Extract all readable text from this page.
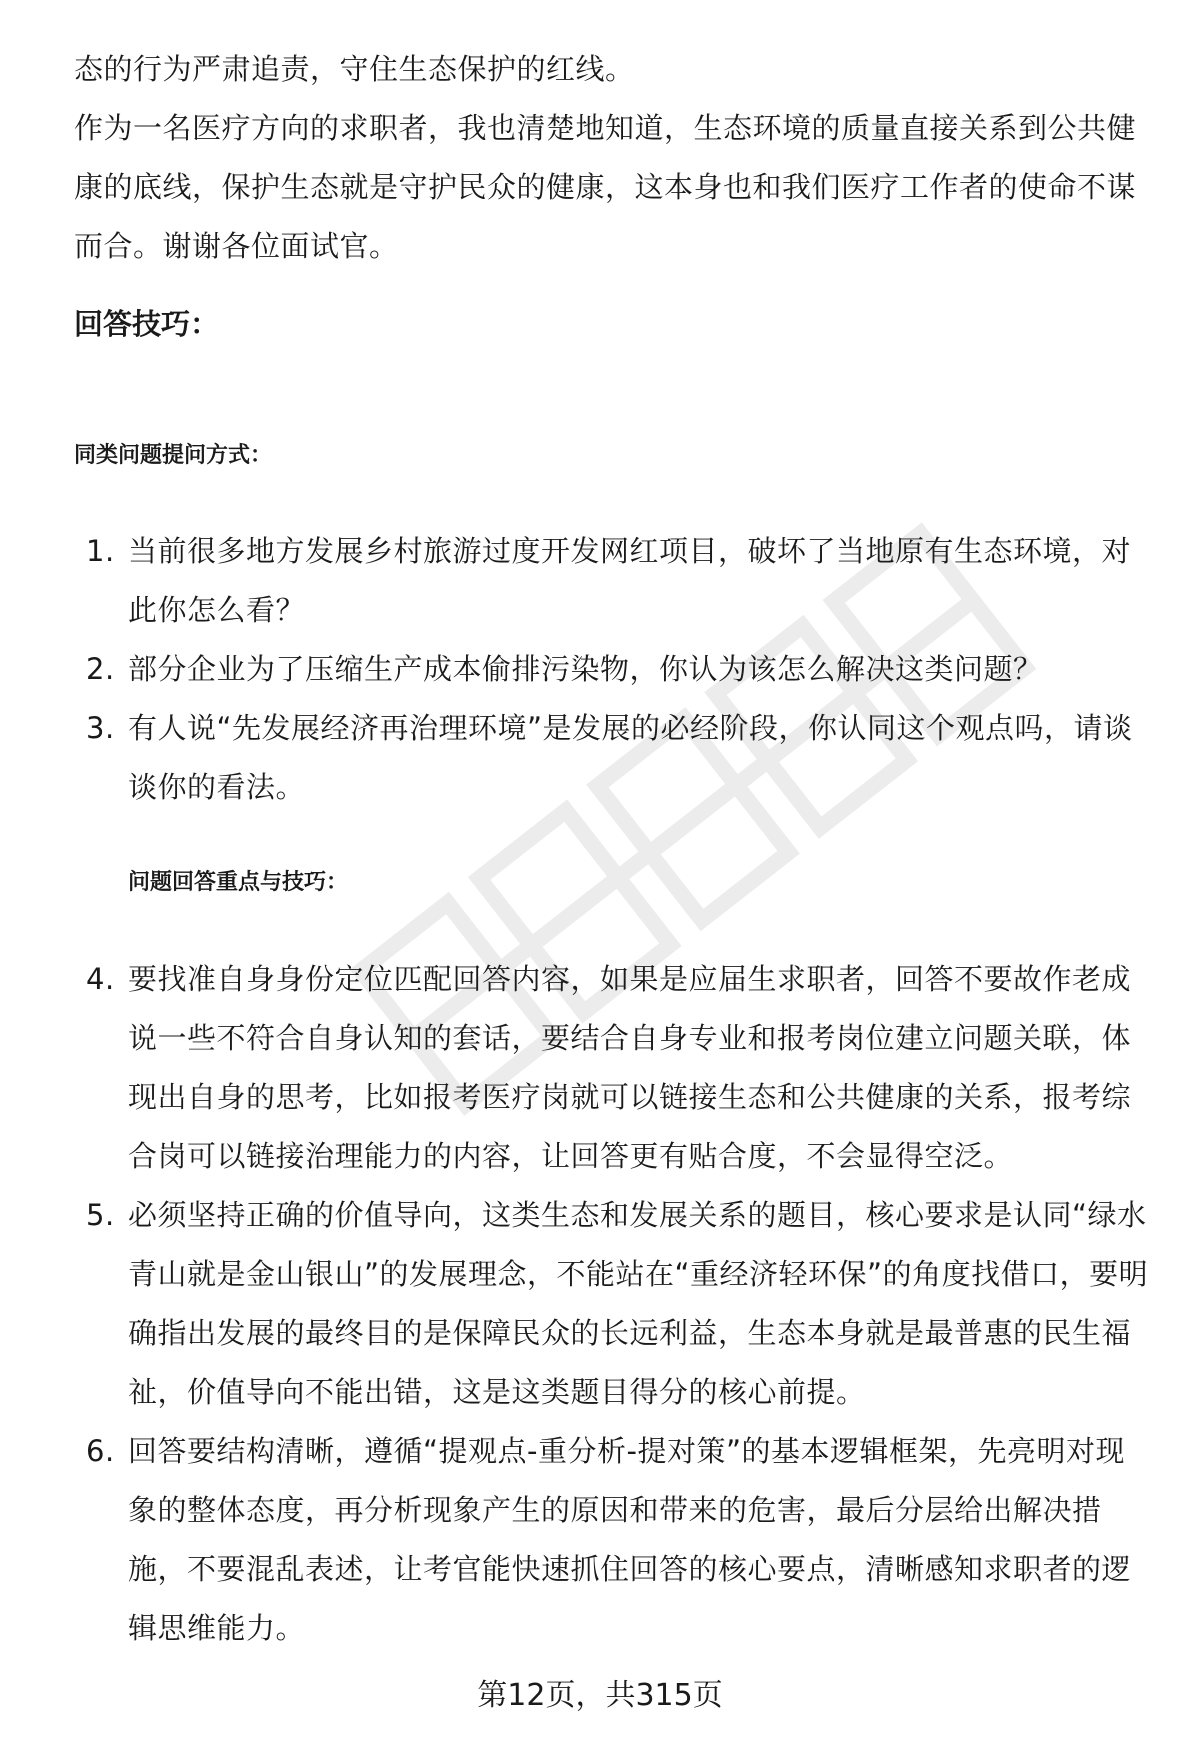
态的行为严肃追责，守住生态保护的红线。

作为一名医疗方向的求职者，我也清楚地知道，生态环境的质量直接关系到公共健康的底线，保护生态就是守护民众的健康，这本身也和我们医疗工作者的使命不谋而合。谢谢各位面试官。

回答技巧：
同类问题提问方式：
1. 当前很多地方发展乡村旅游过度开发网红项目，破坏了当地原有生态环境，对此你怎么看？
2. 部分企业为了压缩生产成本偷排污染物，你认为该怎么解决这类问题？
3. 有人说“先发展经济再治理环境”是发展的必经阶段，你认同这个观点吗，请谈谈你的看法。
问题回答重点与技巧：
4. 要找准自身身份定位匹配回答内容，如果是应届生求职者，回答不要故作老成说一些不符合自身认知的套话，要结合自身专业和报考岗位建立问题关联，体现出自身的思考，比如报考医疗岗就可以链接生态和公共健康的关系，报考综合岗可以链接治理能力的内容，让回答更有贴合度，不会显得空泛。
5. 必须坚持正确的价值导向，这类生态和发展关系的题目，核心要求是认同“绿水青山就是金山银山”的发展理念，不能站在“重经济轻环保”的角度找借口，要明确指出发展的最终目的是保障民众的长远利益，生态本身就是最普惠的民生福祉，价值导向不能出错，这是这类题目得分的核心前提。
6. 回答要结构清晰，遵循“提观点-重分析-提对策”的基本逻辑框架，先亮明对现象的整体态度，再分析现象产生的原因和带来的危害，最后分层给出解决措施，不要混乱表述，让考官能快速抓住回答的核心要点，清晰感知求职者的逻辑思维能力。
第12页，共315页
